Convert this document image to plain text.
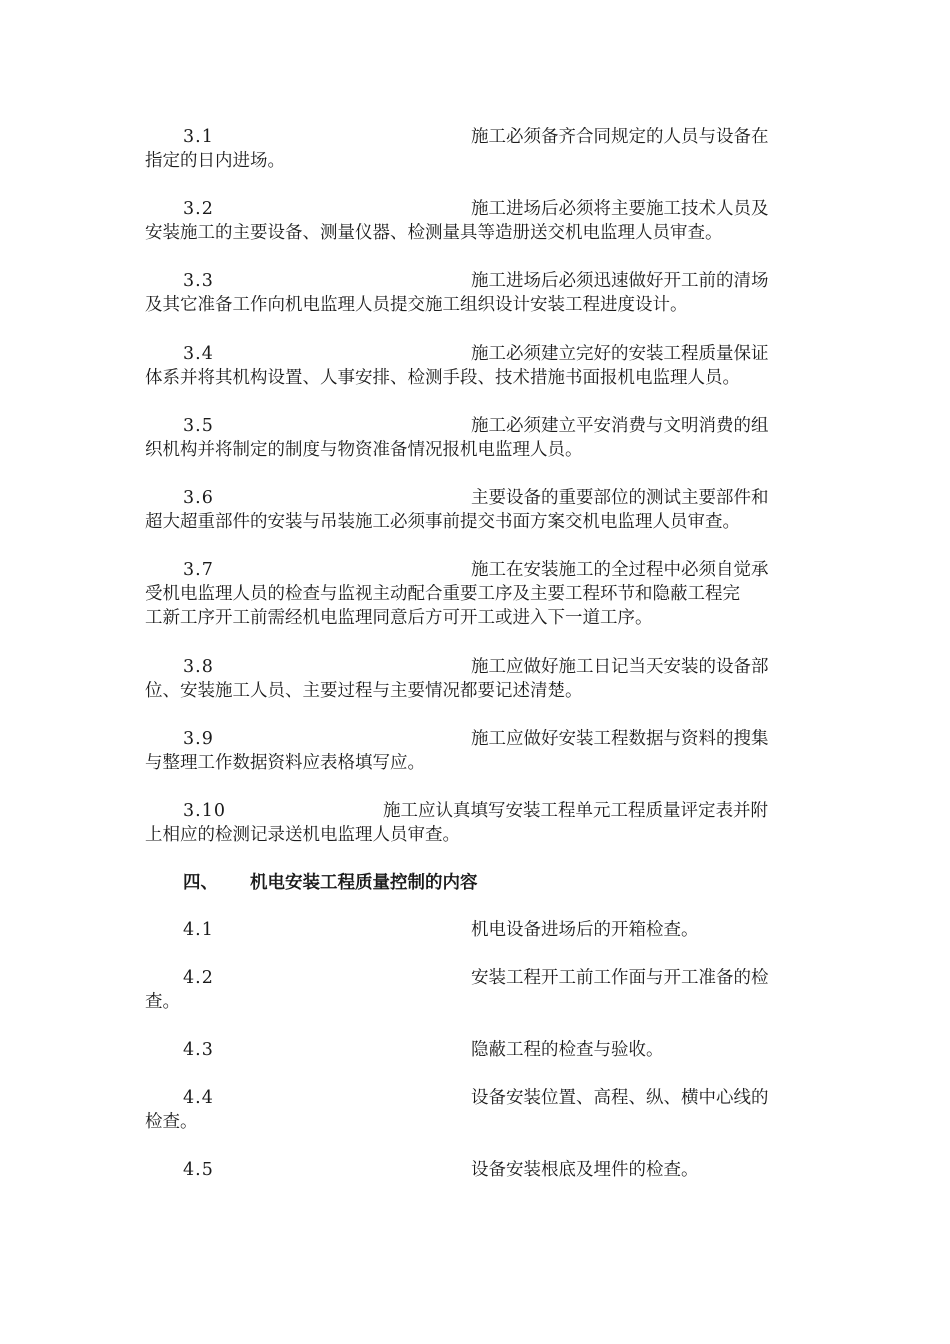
3.1	施工必须备齐合同规定的人员与设备在
指定的日内进场。
3.2	施工进场后必须将主要施工技术人员及
安装施工的主要设备、测量仪器、检测量具等造册送交机电监理人员审查。
3.3	施工进场后必须迅速做好开工前的清场
及其它准备工作向机电监理人员提交施工组织设计安装工程进度设计。
3.4	施工必须建立完好的安装工程质量保证
体系并将其机构设置、人事安排、检测手段、技术措施书面报机电监理人员。
3.5	施工必须建立平安消费与文明消费的组
织机构并将制定的制度与物资准备情况报机电监理人员。
3.6	主要设备的重要部位的测试主要部件和
超大超重部件的安装与吊装施工必须事前提交书面方案交机电监理人员审查。
3.7	施工在安装施工的全过程中必须自觉承
受机电监理人员的检查与监视主动配合重要工序及主要工程环节和隐蔽工程完
工新工序开工前需经机电监理同意后方可开工或进入下一道工序。
3.8	施工应做好施工日记当天安装的设备部
位、安装施工人员、主要过程与主要情况都要记述清楚。
3.9	施工应做好安装工程数据与资料的搜集
与整理工作数据资料应表格填写应。
3.10	施工应认真填写安装工程单元工程质量评定表并附
上相应的检测记录送机电监理人员审查。
四、 机电安装工程质量控制的内容
4.1	机电设备进场后的开箱检查。
4.2	安装工程开工前工作面与开工准备的检
查。
4.3	隐蔽工程的检查与验收。
4.4	设备安装位置、高程、纵、横中心线的
检查。
4.5	设备安装根底及埋件的检查。
